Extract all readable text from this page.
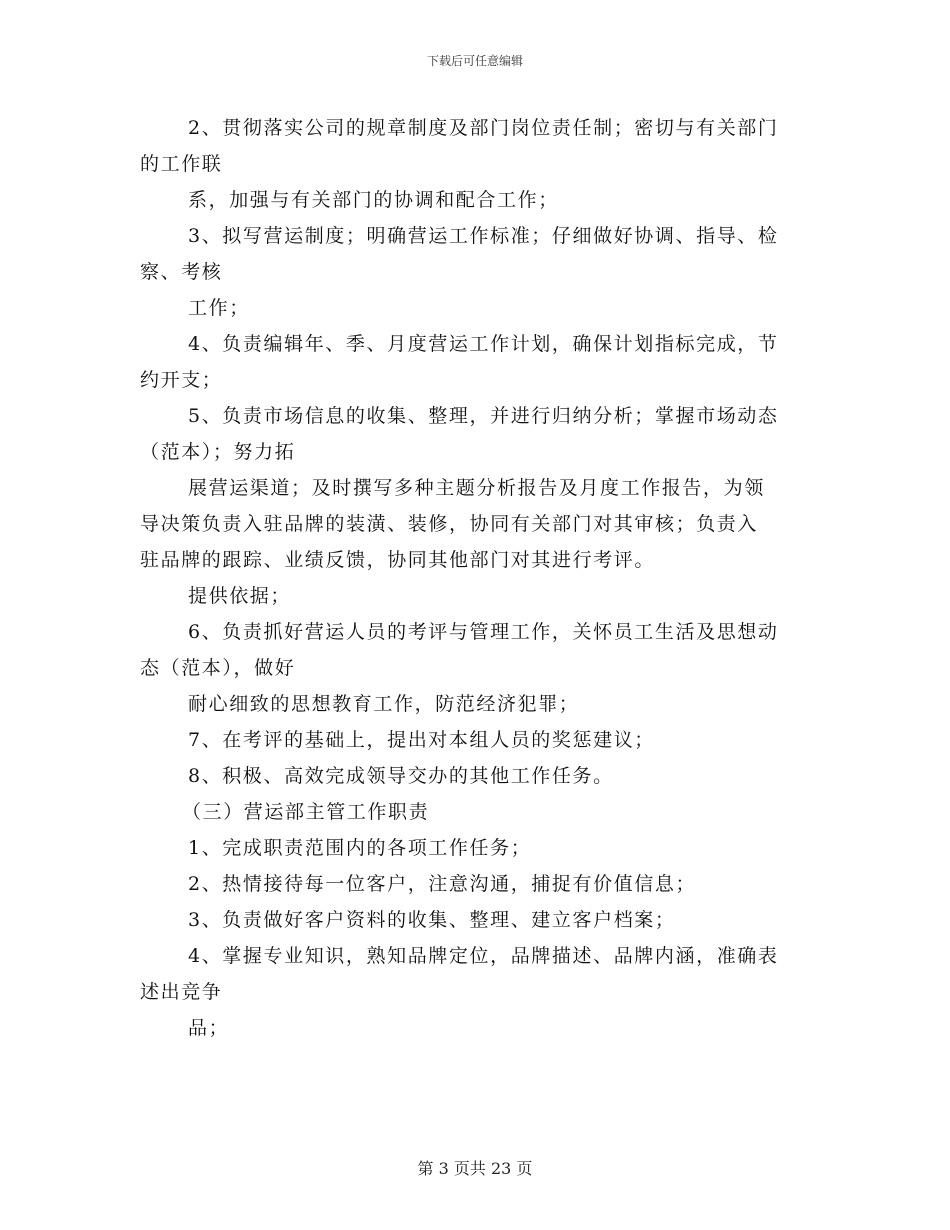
下载后可任意编辑
2、贯彻落实公司的规章制度及部门岗位责任制；密切与有关部门
的工作联
系，加强与有关部门的协调和配合工作；
3、拟写营运制度；明确营运工作标准；仔细做好协调、指导、检
察、考核
工作；
4、负责编辑年、季、月度营运工作计划，确保计划指标完成，节
约开支；
5、负责市场信息的收集、整理，并进行归纳分析；掌握市场动态
（范本）；努力拓
展营运渠道；及时撰写多种主题分析报告及月度工作报告，为领
导决策负责入驻品牌的装潢、装修，协同有关部门对其审核；负责入
驻品牌的跟踪、业绩反馈，协同其他部门对其进行考评。
提供依据；
6、负责抓好营运人员的考评与管理工作，关怀员工生活及思想动
态（范本），做好
耐心细致的思想教育工作，防范经济犯罪；
7、在考评的基础上，提出对本组人员的奖惩建议；
8、积极、高效完成领导交办的其他工作任务。
（三）营运部主管工作职责
1、完成职责范围内的各项工作任务；
2、热情接待每一位客户，注意沟通，捕捉有价值信息；
3、负责做好客户资料的收集、整理、建立客户档案；
4、掌握专业知识，熟知品牌定位，品牌描述、品牌内涵，准确表
述出竞争
品；
第 3 页共 23 页
